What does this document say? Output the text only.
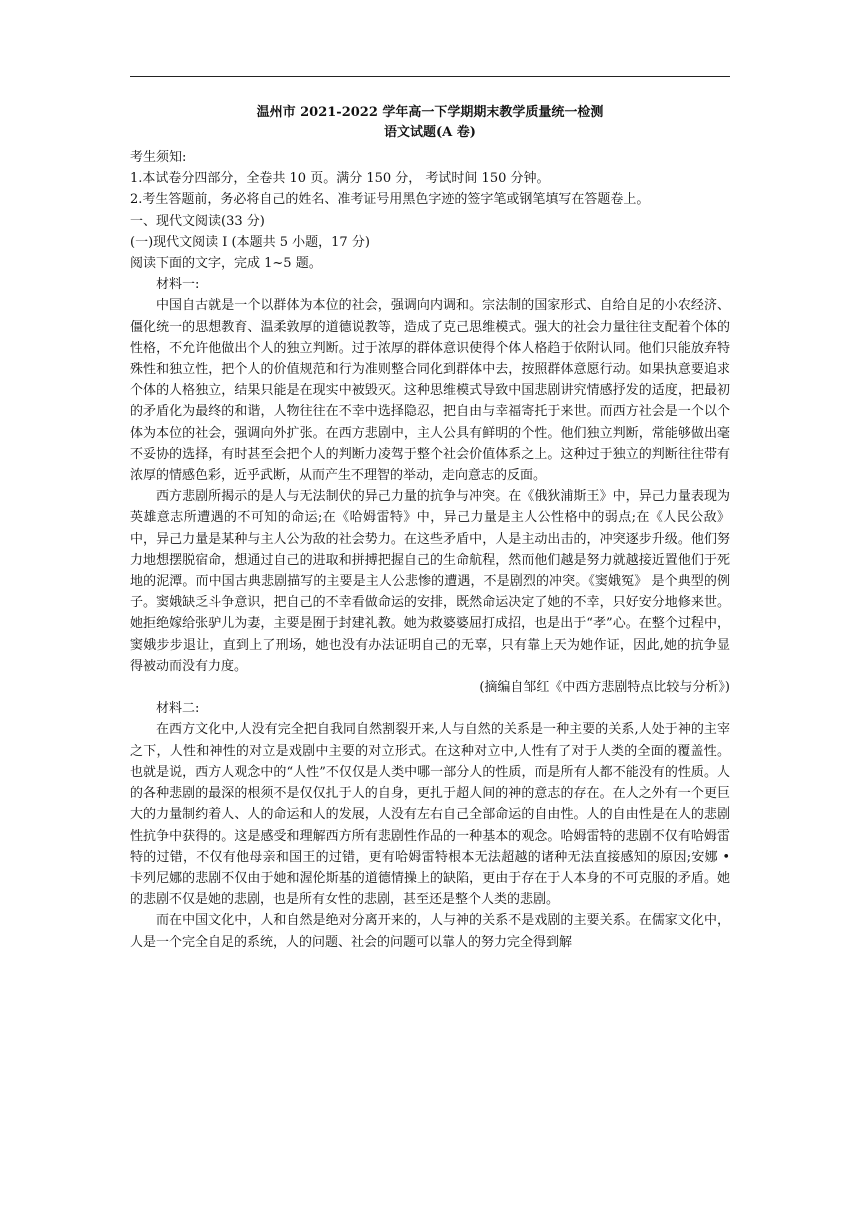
温州市 2021-2022 学年高一下学期期末教学质量统一检测
语文试题(A 卷)

考生须知:

1.本试卷分四部分，全卷共 10 页。满分 150 分， 考试时间 150 分钟。

2.考生答题前，务必将自己的姓名、准考证号用黑色字迹的签字笔或钢笔填写在答题卷上。

一、现代文阅读(33 分)

(一)现代文阅读 I (本题共 5 小题，17 分)

阅读下面的文字，完成 1~5 题。

材料一:

中国自古就是一个以群体为本位的社会，强调向内调和。宗法制的国家形式、自给自足的小农经济、僵化统一的思想教育、温柔敦厚的道德说教等，造成了克己思维模式。强大的社会力量往往支配着个体的性格，不允许他做出个人的独立判断。过于浓厚的群体意识使得个体人格趋于依附认同。他们只能放弃特殊性和独立性，把个人的价值规范和行为准则整合同化到群体中去，按照群体意愿行动。如果执意要追求个体的人格独立，结果只能是在现实中被毁灭。这种思维模式导致中国悲剧讲究情感抒发的适度，把最初的矛盾化为最终的和谐，人物往往在不幸中选择隐忍，把自由与幸福寄托于来世。而西方社会是一个以个体为本位的社会，强调向外扩张。在西方悲剧中，主人公具有鲜明的个性。他们独立判断，常能够做出毫不妥协的选择，有时甚至会把个人的判断力凌驾于整个社会价值体系之上。这种过于独立的判断往往带有浓厚的情感色彩，近乎武断，从而产生不理智的举动，走向意志的反面。

西方悲剧所揭示的是人与无法制伏的异己力量的抗争与冲突。在《俄狄浦斯王》中，异己力量表现为英雄意志所遭遇的不可知的命运;在《哈姆雷特》中，异己力量是主人公性格中的弱点;在《人民公敌》中，异己力量是某种与主人公为敌的社会势力。在这些矛盾中，人是主动出击的，冲突逐步升级。他们努力地想摆脱宿命，想通过自己的进取和拼搏把握自己的生命航程，然而他们越是努力就越接近置他们于死地的泥潭。而中国古典悲剧描写的主要是主人公悲惨的遭遇，不是剧烈的冲突。《窦娥冤》 是个典型的例子。窦娥缺乏斗争意识，把自己的不幸看做命运的安排，既然命运决定了她的不幸，只好安分地修来世。她拒绝嫁给张驴儿为妻，主要是囿于封建礼教。她为救婆婆屈打成招，也是出于“孝”心。在整个过程中，窦娥步步退让，直到上了刑场，她也没有办法证明自己的无辜，只有靠上天为她作证，因此,她的抗争显得被动而没有力度。

(摘编自邹红《中西方悲剧特点比较与分析》)

材料二:

在西方文化中,人没有完全把自我同自然割裂开来,人与自然的关系是一种主要的关系,人处于神的主宰之下，人性和神性的对立是戏剧中主要的对立形式。在这种对立中,人性有了对于人类的全面的覆盖性。也就是说，西方人观念中的“人性”不仅仅是人类中哪一部分人的性质，而是所有人都不能没有的性质。人的各种悲剧的最深的根须不是仅仅扎于人的自身，更扎于超人间的神的意志的存在。在人之外有一个更巨大的力量制约着人、人的命运和人的发展，人没有左右自己全部命运的自由性。人的自由性是在人的悲剧性抗争中获得的。这是感受和理解西方所有悲剧性作品的一种基本的观念。哈姆雷特的悲剧不仅有哈姆雷特的过错，不仅有他母亲和国王的过错，更有哈姆雷特根本无法超越的诸种无法直接感知的原因;安娜 • 卡列尼娜的悲剧不仅由于她和渥伦斯基的道德情操上的缺陷，更由于存在于人本身的不可克服的矛盾。她的悲剧不仅是她的悲剧，也是所有女性的悲剧，甚至还是整个人类的悲剧。

而在中国文化中，人和自然是绝对分离开来的，人与神的关系不是戏剧的主要关系。在儒家文化中，人是一个完全自足的系统，人的问题、社会的问题可以靠人的努力完全得到解
